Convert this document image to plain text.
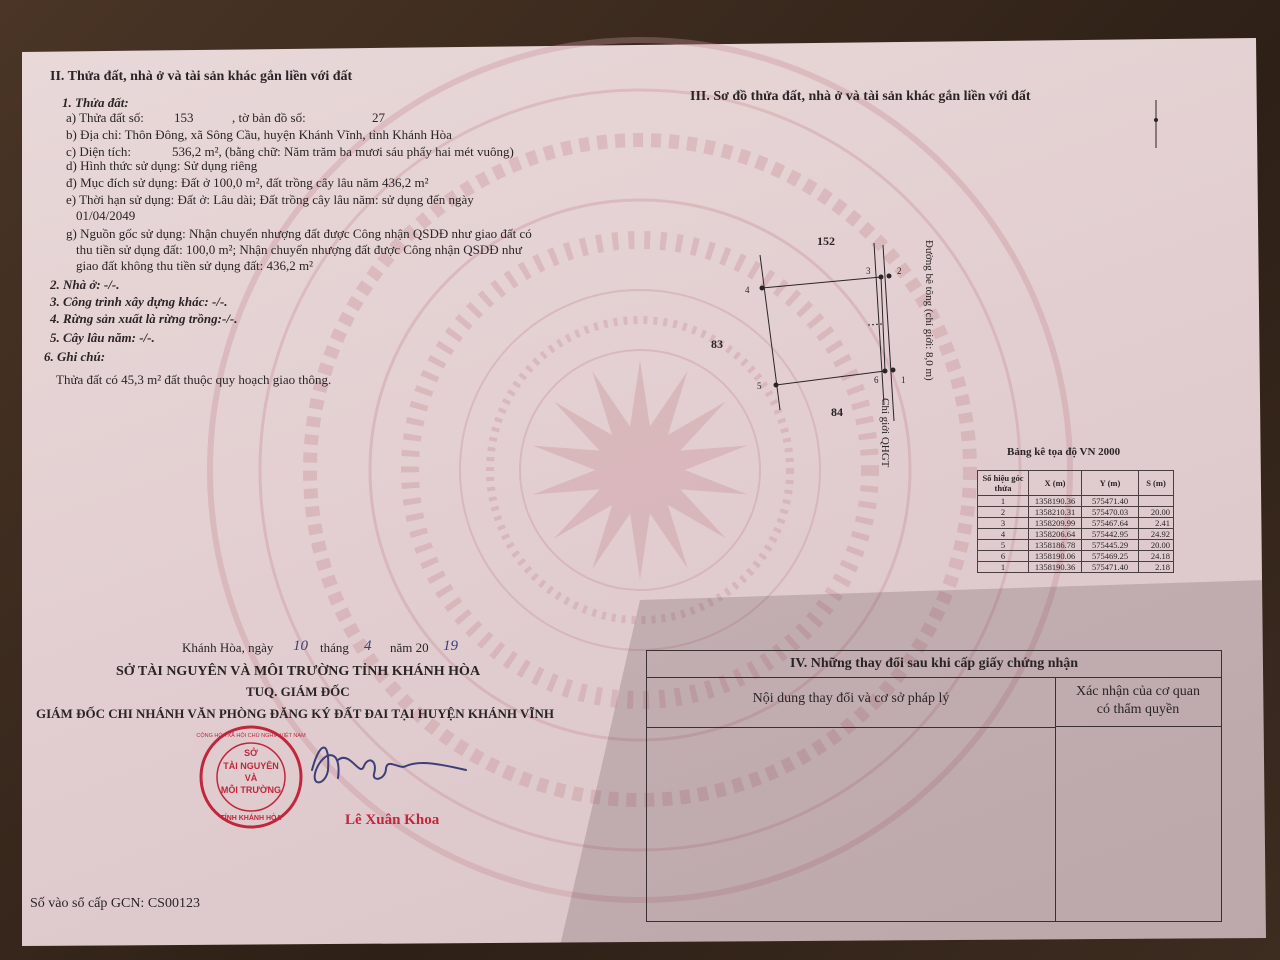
II. Thửa đất, nhà ở và tài sản khác gắn liền với đất
1. Thửa đất:
a) Thửa đất số: 153	, tờ bản đồ số:	27
b) Địa chỉ: Thôn Đông, xã Sông Cầu, huyện Khánh Vĩnh, tỉnh Khánh Hòa
c) Diện tích:	536,2 m², (bằng chữ: Năm trăm ba mươi sáu phẩy hai mét vuông)
d) Hình thức sử dụng: Sử dụng riêng
đ) Mục đích sử dụng: Đất ở 100,0 m², đất trồng cây lâu năm 436,2 m²
e) Thời hạn sử dụng: Đất ở: Lâu dài; Đất trồng cây lâu năm: sử dụng đến ngày
01/04/2049
g) Nguồn gốc sử dụng: Nhận chuyển nhượng đất được Công nhận QSDĐ như giao đất có
thu tiền sử dụng đất: 100,0 m²; Nhận chuyển nhượng đất được Công nhận QSDĐ như
giao đất không thu tiền sử dụng đất: 436,2 m²
2. Nhà ở: -/-.
3. Công trình xây dựng khác: -/-.
4. Rừng sản xuất là rừng trồng:-/-.
5. Cây lâu năm: -/-.
6. Ghi chú:
Thửa đất có 45,3 m² đất thuộc quy hoạch giao thông.
III. Sơ đồ thửa đất, nhà ở và tài sản khác gắn liền với đất
152
83
84
4
3	2
5
6	1 Đường bê tông (chỉ giới: 8,0 m)
Chỉ giới QHGT	Bảng kê tọa độ VN 2000
Số hiệu góc thửa	X (m)	Y (m)	S (m)
1	1358190.36	575471.40	
2	1358210.31	575470.03	20.00
3	1358209.99	575467.64	2.41
4	1358206.64	575442.95	24.92
5	1358186.78	575445.29	20.00
6	1358190.06	575469.25	24.18
1	1358190.36	575471.40	2.18
Khánh Hòa, ngày 10 tháng 4 năm 20 19
SỞ TÀI NGUYÊN VÀ MÔI TRƯỜNG TỈNH KHÁNH HÒA
TUQ. GIÁM ĐỐC
GIÁM ĐỐC CHI NHÁNH VĂN PHÒNG ĐĂNG KÝ ĐẤT ĐAI TẠI HUYỆN KHÁNH VĨNH
SỞ
TÀI NGUYÊN
VÀ
MÔI TRƯỜNG
TỈNH KHÁNH HÒA
CỘNG HÒA XÃ HỘI CHỦ NGHĨA VIỆT NAM
Lê Xuân Khoa
Số vào sổ cấp GCN: CS00123
IV. Những thay đổi sau khi cấp giấy chứng nhận
Nội dung thay đổi và cơ sở pháp lý	Xác nhận của cơ quan
có thẩm quyền
